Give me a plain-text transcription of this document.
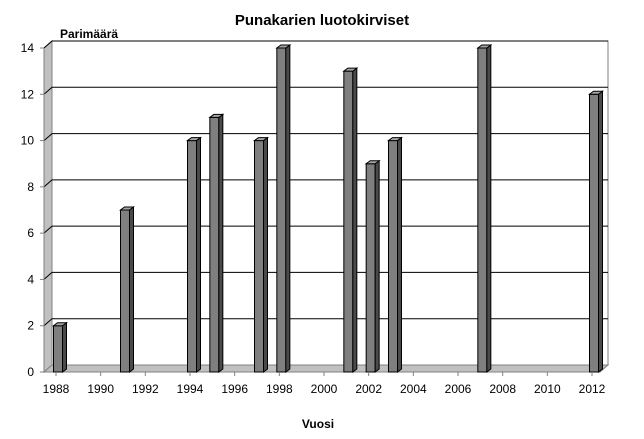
Punakarien luotokirviset
Parimäärä
Vuosi
0
2
4
6
8
10
12
14
1988 1990 1992 1994 1996 1998 2000 2002 2004 2006 2008 2010 2012
